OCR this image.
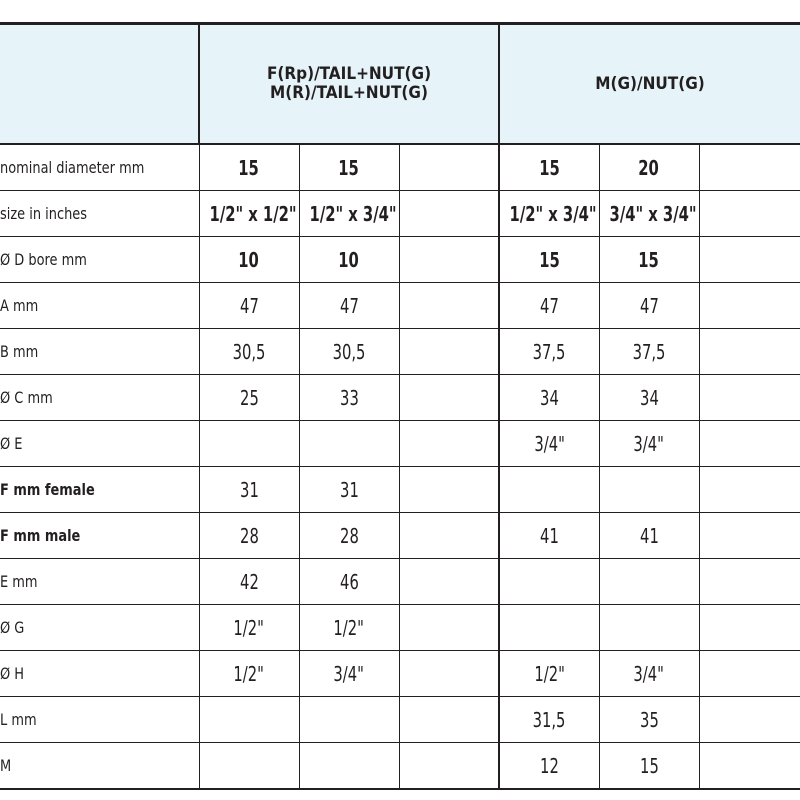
	F(Rp)/TAIL+NUT(G)
M(R)/TAIL+NUT(G)			M(G)/NUT(G)		

nominal diameter mm	15	15		15	20	
size in inches	1/2" x 1/2"	1/2" x 3/4"		1/2" x 3/4"	3/4" x 3/4"	
Ø D bore mm	10	10		15	15	
A mm	47	47		47	47	
B mm	30,5	30,5		37,5	37,5	
Ø C mm	25	33		34	34	
Ø E				3/4"	3/4"	
F mm female	31	31				
F mm male	28	28		41	41	
E mm	42	46				
Ø G	1/2"	1/2"				
Ø H	1/2"	3/4"		1/2"	3/4"	
L mm				31,5	35	
M				12	15	
